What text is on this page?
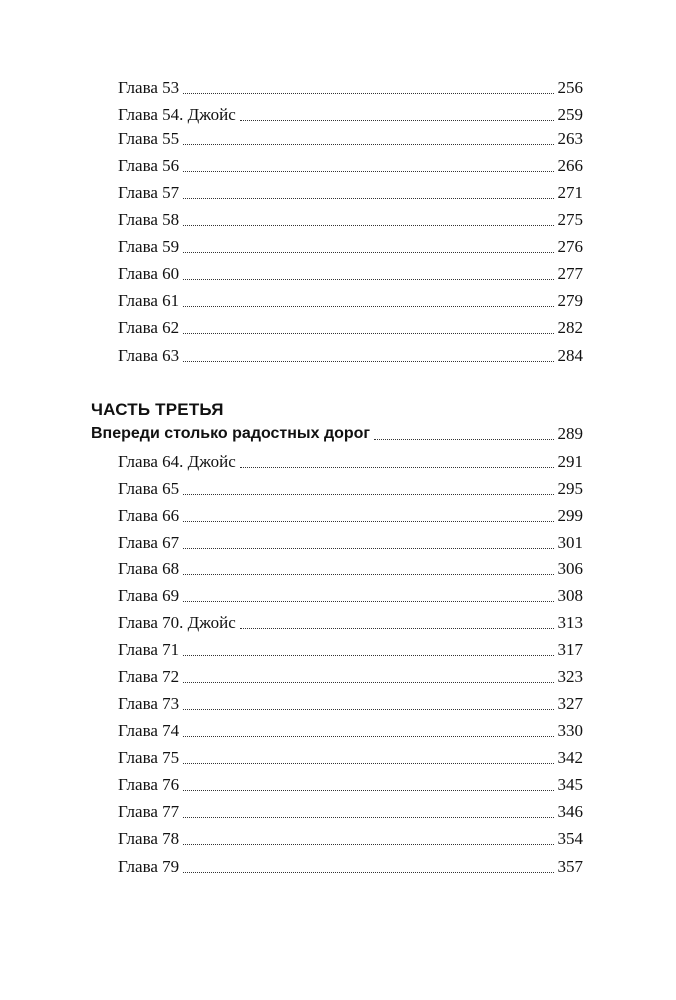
Глава 53	256
Глава 54. Джойс	259
Глава 55	263
Глава 56	266
Глава 57	271
Глава 58	275
Глава 59	276
Глава 60	277
Глава 61	279
Глава 62	282
Глава 63	284
ЧАСТЬ ТРЕТЬЯ
Впереди столько радостных дорог	289
Глава 64. Джойс	291
Глава 65	295
Глава 66	299
Глава 67	301
Глава 68	306
Глава 69	308
Глава 70. Джойс	313
Глава 71	317
Глава 72	323
Глава 73	327
Глава 74	330
Глава 75	342
Глава 76	345
Глава 77	346
Глава 78	354
Глава 79	357
